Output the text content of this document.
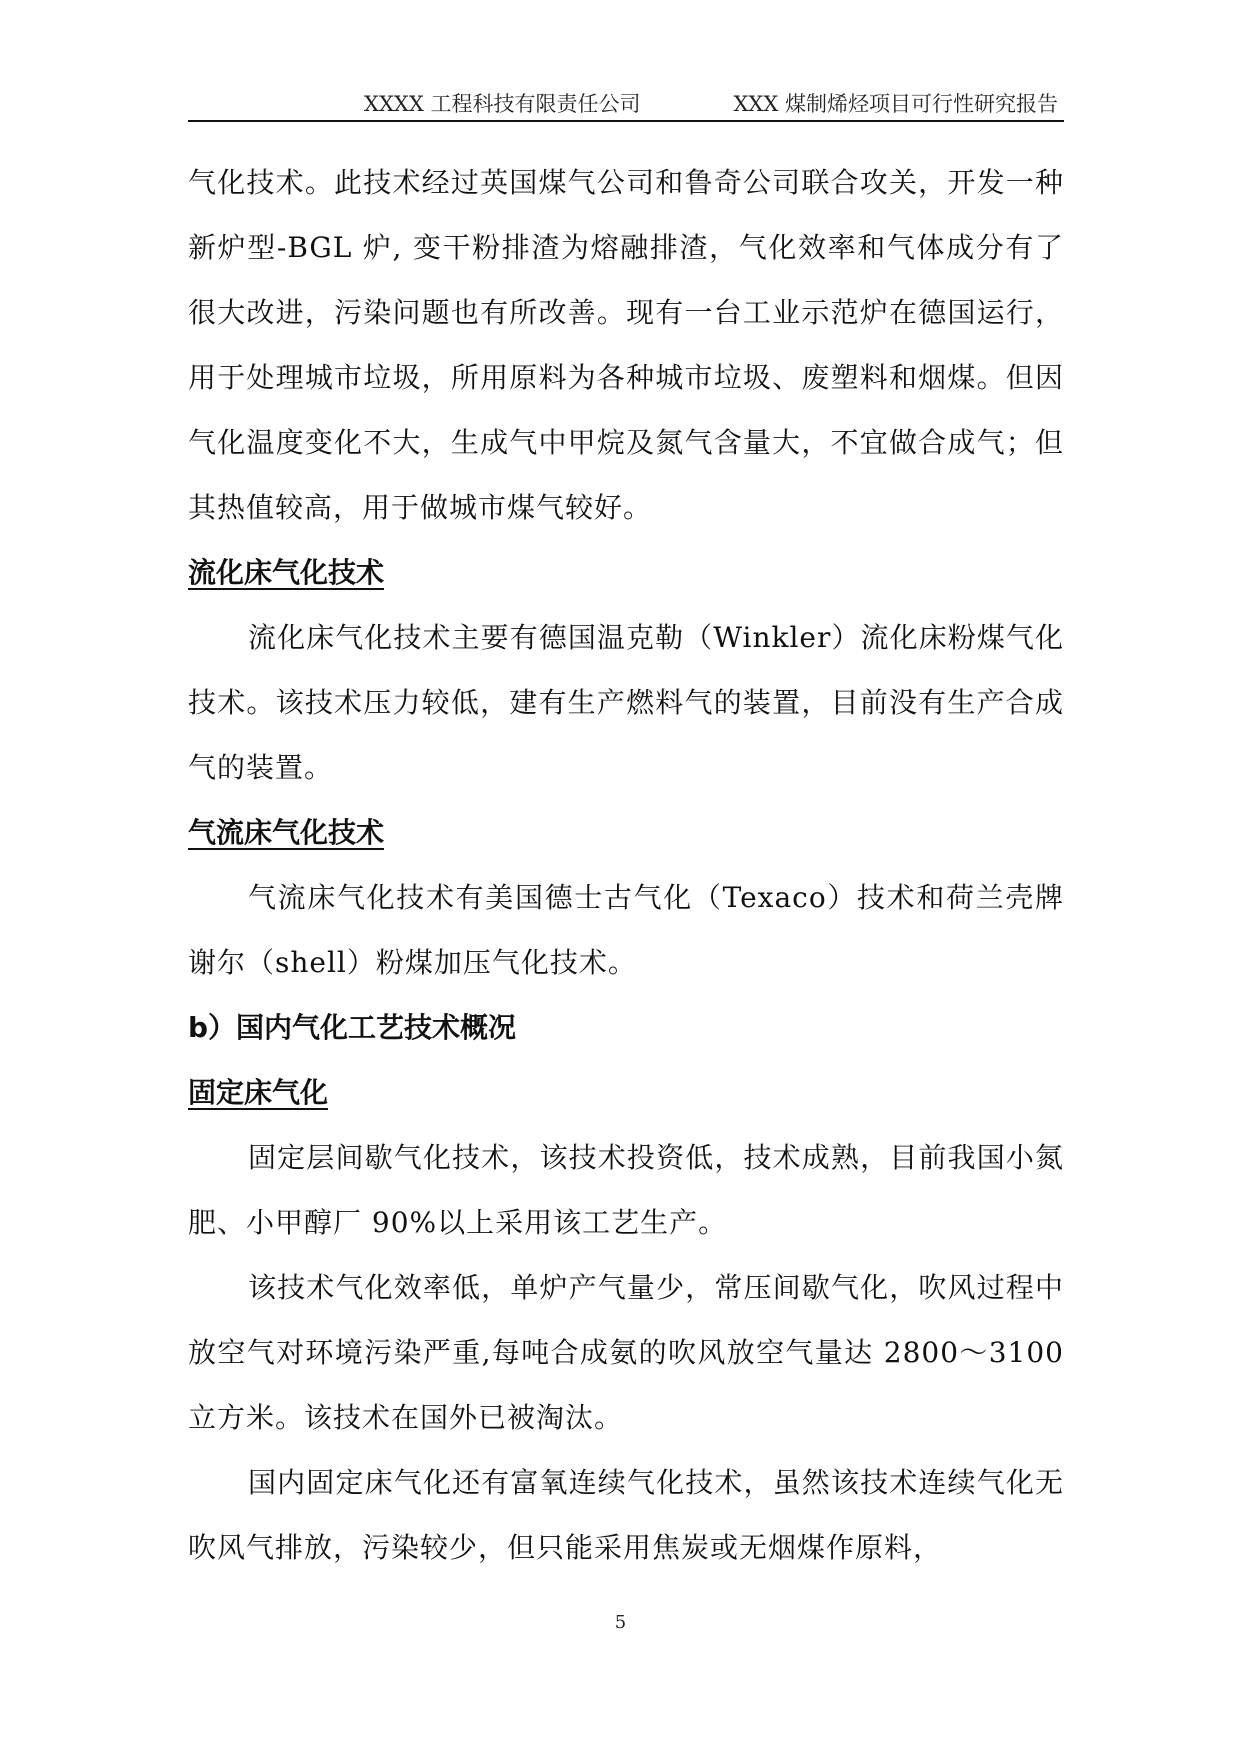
XXXX 工程科技有限责任公司	XXX 煤制烯烃项目可行性研究报告

气化技术。此技术经过英国煤气公司和鲁奇公司联合攻关，开发一种新炉型-BGL 炉, 变干粉排渣为熔融排渣，气化效率和气体成分有了很大改进，污染问题也有所改善。现有一台工业示范炉在德国运行，用于处理城市垃圾，所用原料为各种城市垃圾、废塑料和烟煤。但因气化温度变化不大，生成气中甲烷及氮气含量大，不宜做合成气；但其热值较高，用于做城市煤气较好。

流化床气化技术

流化床气化技术主要有德国温克勒（Winkler）流化床粉煤气化技术。该技术压力较低，建有生产燃料气的装置，目前没有生产合成气的装置。

气流床气化技术

气流床气化技术有美国德士古气化（Texaco）技术和荷兰壳牌谢尔（shell）粉煤加压气化技术。

b）国内气化工艺技术概况

固定床气化

固定层间歇气化技术，该技术投资低，技术成熟，目前我国小氮肥、小甲醇厂 90%以上采用该工艺生产。

该技术气化效率低，单炉产气量少，常压间歇气化，吹风过程中放空气对环境污染严重,每吨合成氨的吹风放空气量达 2800～3100 立方米。该技术在国外已被淘汰。

国内固定床气化还有富氧连续气化技术，虽然该技术连续气化无吹风气排放，污染较少，但只能采用焦炭或无烟煤作原料，

5
